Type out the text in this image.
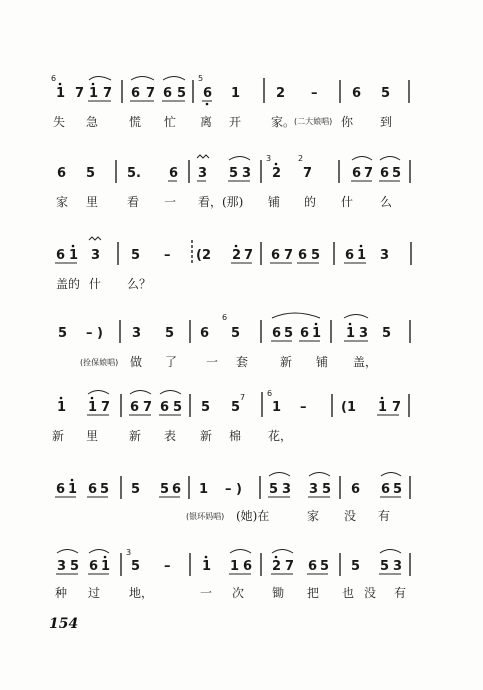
6
1 7 1 7 6 7 6 5
5
6 1	2 –	6 5
失 急	慌 忙 离 开 家。
(二大娘唱) 你 到
6 5 5. 6 3 5 3
3
2
2
7	6 7 6 5
家 里 看 一 看，(那) 铺 的 什 么
6 1 3 5 – (2 2 7 6 7 6 5 6 1 3
盖的 什 么？
5 – ) 3 5 6
6
5 6 5 6 1 1 3 5
(拴保娘唱) 做 了 一 套	新 铺 盖，
1 1 7 6 7 6 5 5 5
7	6
1 –	(1 1 7
新 里	新 表 新 棉 花，
6 1 6 5 5 5 6 1 – ) 5 3 3 5 6 6 5
(银环妈唱) (她)在	家 没 有
3 5 6 1
3
5 – 1 1 6 2 7 6 5 5 5 3
种 过 地，	一 次 锄 把 也 没 有
154
